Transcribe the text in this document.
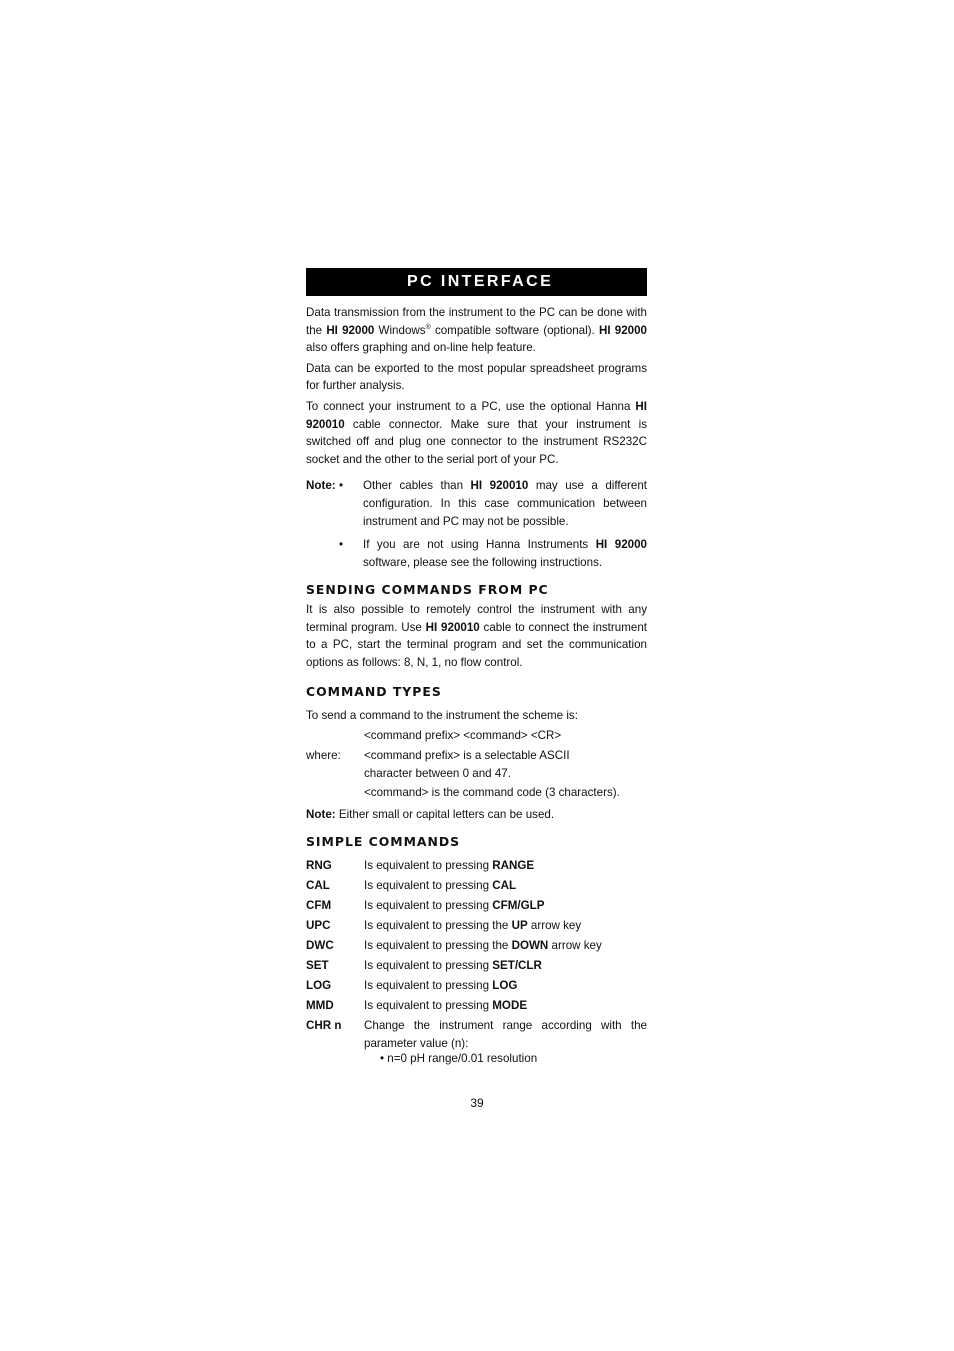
PC INTERFACE

Data transmission from the instrument to the PC can be done with the HI 92000 Windows® compatible software (optional). HI 92000 also offers graphing and on-line help feature.

Data can be exported to the most popular spreadsheet programs for further analysis.

To connect your instrument to a PC, use the optional Hanna HI 920010 cable connector. Make sure that your instrument is switched off and plug one connector to the instrument RS232C socket and the other to the serial port of your PC.

Note: •	Other cables than HI 920010 may use a different configuration. In this case communication between instrument and PC may not be possible.
•	If you are not using Hanna Instruments HI 92000 software, please see the following instructions.
SENDING COMMANDS FROM PC

It is also possible to remotely control the instrument with any terminal program. Use HI 920010 cable to connect the instrument to a PC, start the terminal program and set the communication options as follows: 8, N, 1, no flow control.

COMMAND TYPES

To send a command to the instrument the scheme is:

<command prefix> <command> <CR>
where:	<command prefix> is a selectable ASCII character between 0 and 47.
<command> is the command code (3 characters).
Note: Either small or capital letters can be used.
SIMPLE COMMANDS
RNG	Is equivalent to pressing RANGE
CAL	Is equivalent to pressing CAL
CFM	Is equivalent to pressing CFM/GLP
UPC	Is equivalent to pressing the UP arrow key
DWC	Is equivalent to pressing the DOWN arrow key
SET	Is equivalent to pressing SET/CLR
LOG	Is equivalent to pressing LOG
MMD	Is equivalent to pressing MODE
CHR n	Change the instrument range according with the parameter value (n):
• n=0 pH range/0.01 resolution
39
